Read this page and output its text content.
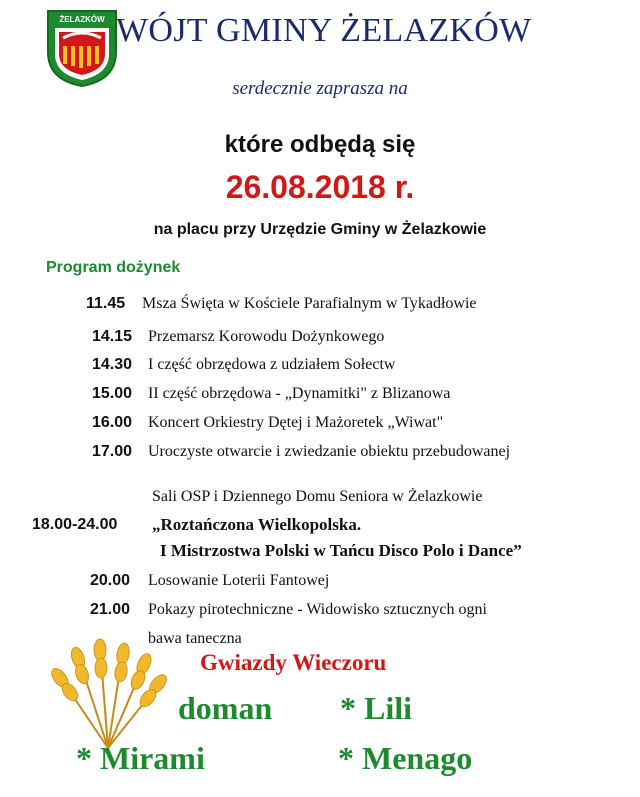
ŻELAZKÓW WÓJT GMINY ŻELAZKÓW
serdecznie zaprasza na
które odbędą się
26.08.2018 r.
na placu przy Urzędzie Gminy w Żelazkowie
Program dożynek
11.45 Msza Święta w Kościele Parafialnym w Tykadłowie
14.15 Przemarsz Korowodu Dożynkowego
14.30 I część obrzędowa z udziałem Sołectw
15.00 II część obrzędowa - „Dynamitki" z Blizanowa
16.00 Koncert Orkiestry Dętej i Mażoretek „Wiwat"
17.00 Uroczyste otwarcie i zwiedzanie obiektu przebudowanej
Sali OSP i Dziennego Domu Seniora w Żelazkowie
18.00-24.00 „Roztańczona Wielkopolska.
I Mistrzostwa Polski w Tańcu Disco Polo i Dance”
20.00 Losowanie Loterii Fantowej
21.00 Pokazy pirotechniczne - Widowisko sztucznych ogni
bawa taneczna
Gwiazdy Wieczoru
doman * Lili
* Mirami	* Menago
